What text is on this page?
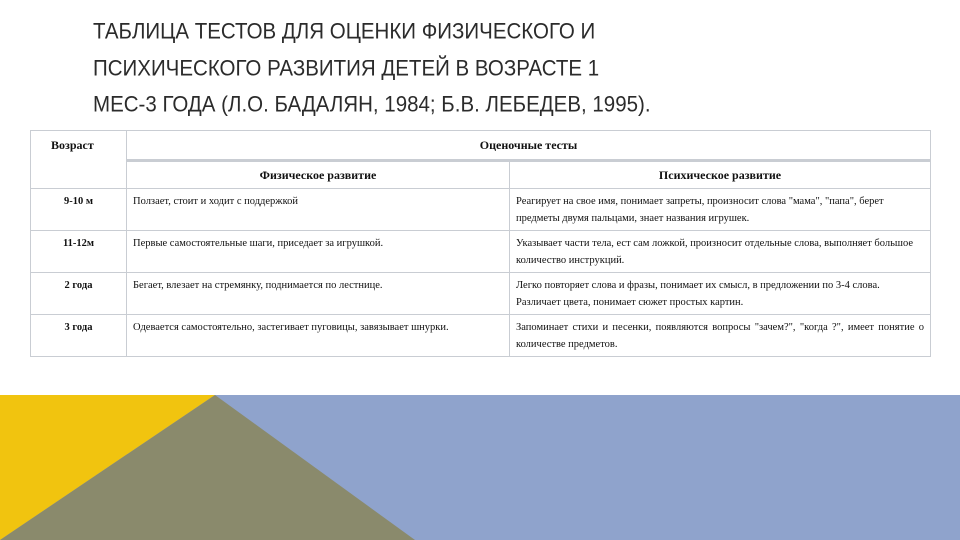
ТАБЛИЦА ТЕСТОВ ДЛЯ ОЦЕНКИ ФИЗИЧЕСКОГО И
ПСИХИЧЕСКОГО РАЗВИТИЯ ДЕТЕЙ В ВОЗРАСТЕ 1
МЕС-3 ГОДА (Л.О. БАДАЛЯН, 1984; Б.В. ЛЕБЕДЕВ, 1995).
Возраст	Оценочные тесты	
	Физическое развитие	Психическое развитие
9-10 м	Ползает, стоит и ходит с поддержкой	Реагирует на свое имя, понимает запреты, произносит слова "мама", "папа", берет предметы двумя пальцами, знает названия игрушек.
11-12м	Первые самостоятельные шаги, приседает за игрушкой.	Указывает части тела, ест сам ложкой, произносит отдельные слова, выполняет большое количество инструкций.
2 года	Бегает, влезает на стремянку, поднимается по лестнице.	Легко повторяет слова и фразы, понимает их смысл, в предложении по 3-4 слова. Различает цвета, понимает сюжет простых картин.
3 года	Одевается самостоятельно, застегивает пуговицы, завязывает шнурки.	Запоминает стихи и песенки, появляются вопросы "зачем?", "когда ?", имеет понятие о количестве предметов.
